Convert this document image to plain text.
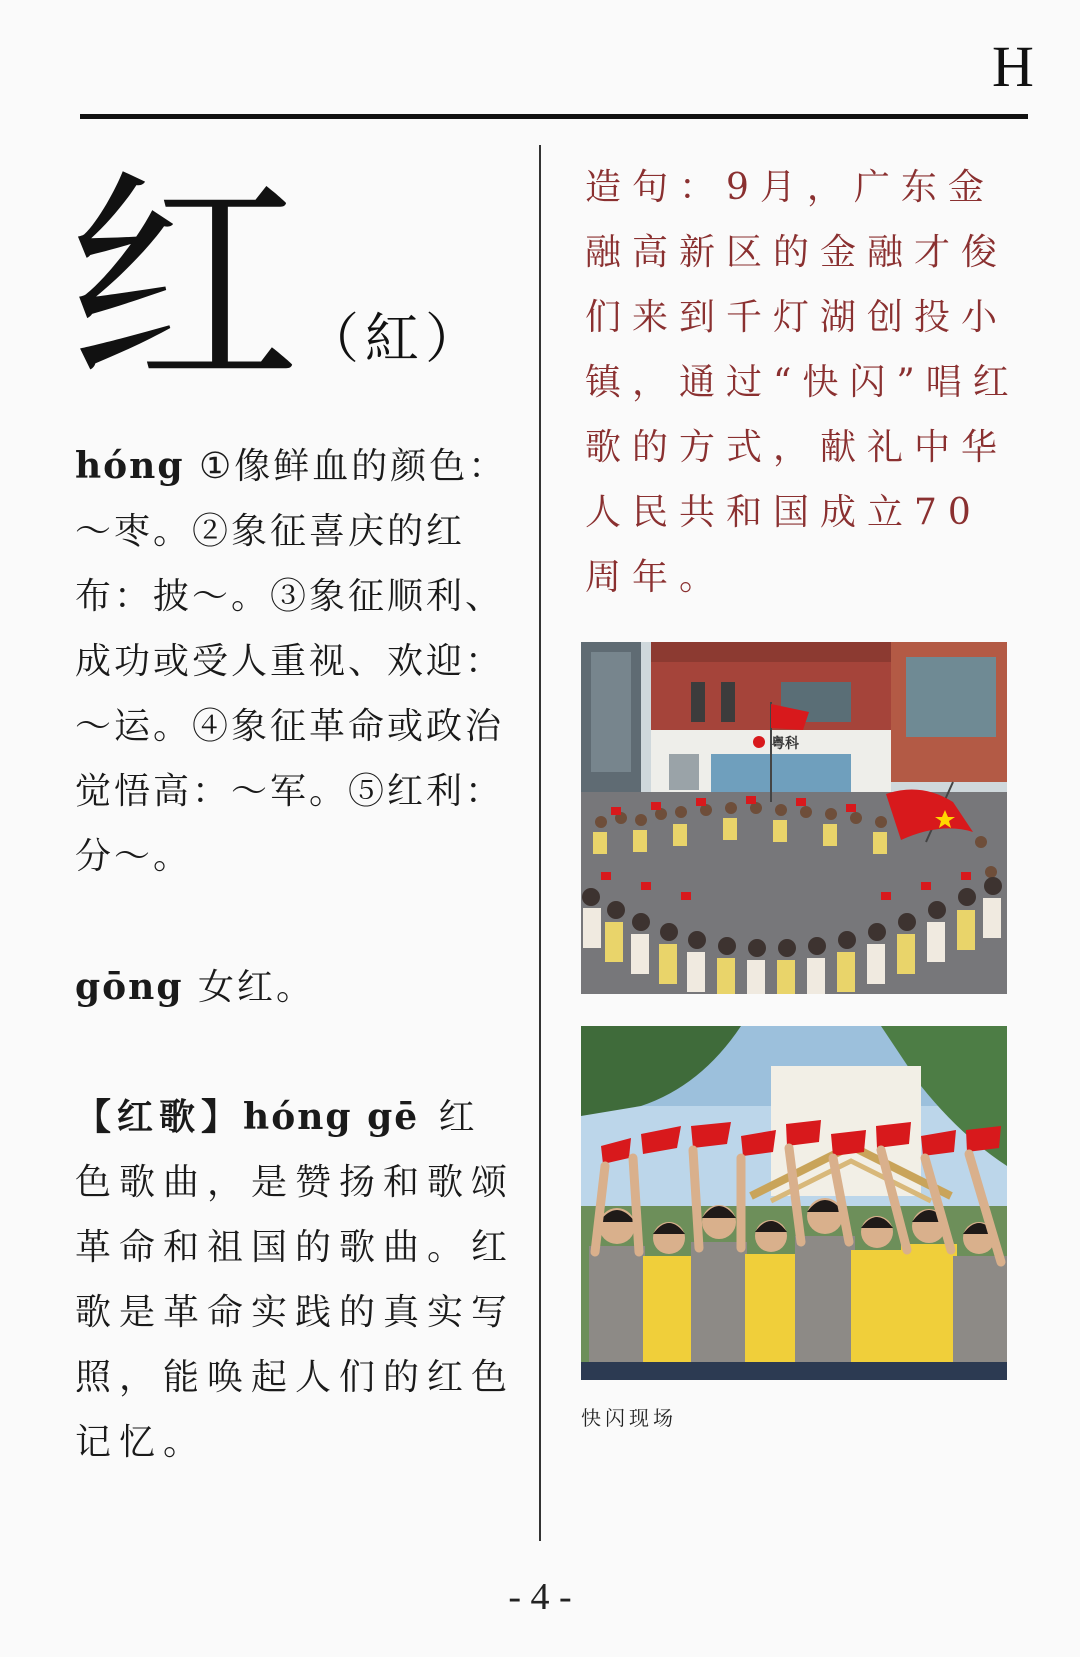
H
红 （紅）
hóng ①像鲜血的颜色：～枣。②象征喜庆的红布：披～。③象征顺利、成功或受人重视、欢迎：～运。④象征革命或政治觉悟高：～军。⑤红利：分～。
gōng 女红。
【红歌】hóng gē 红色歌曲，是赞扬和歌颂革命和祖国的歌曲。红歌是革命实践的真实写照，能唤起人们的红色记忆。
造句：9月，广东金融高新区的金融才俊们来到千灯湖创投小镇，通过“快闪”唱红歌的方式，献礼中华人民共和国成立70周年。
粤科
快闪现场
- 4 -
